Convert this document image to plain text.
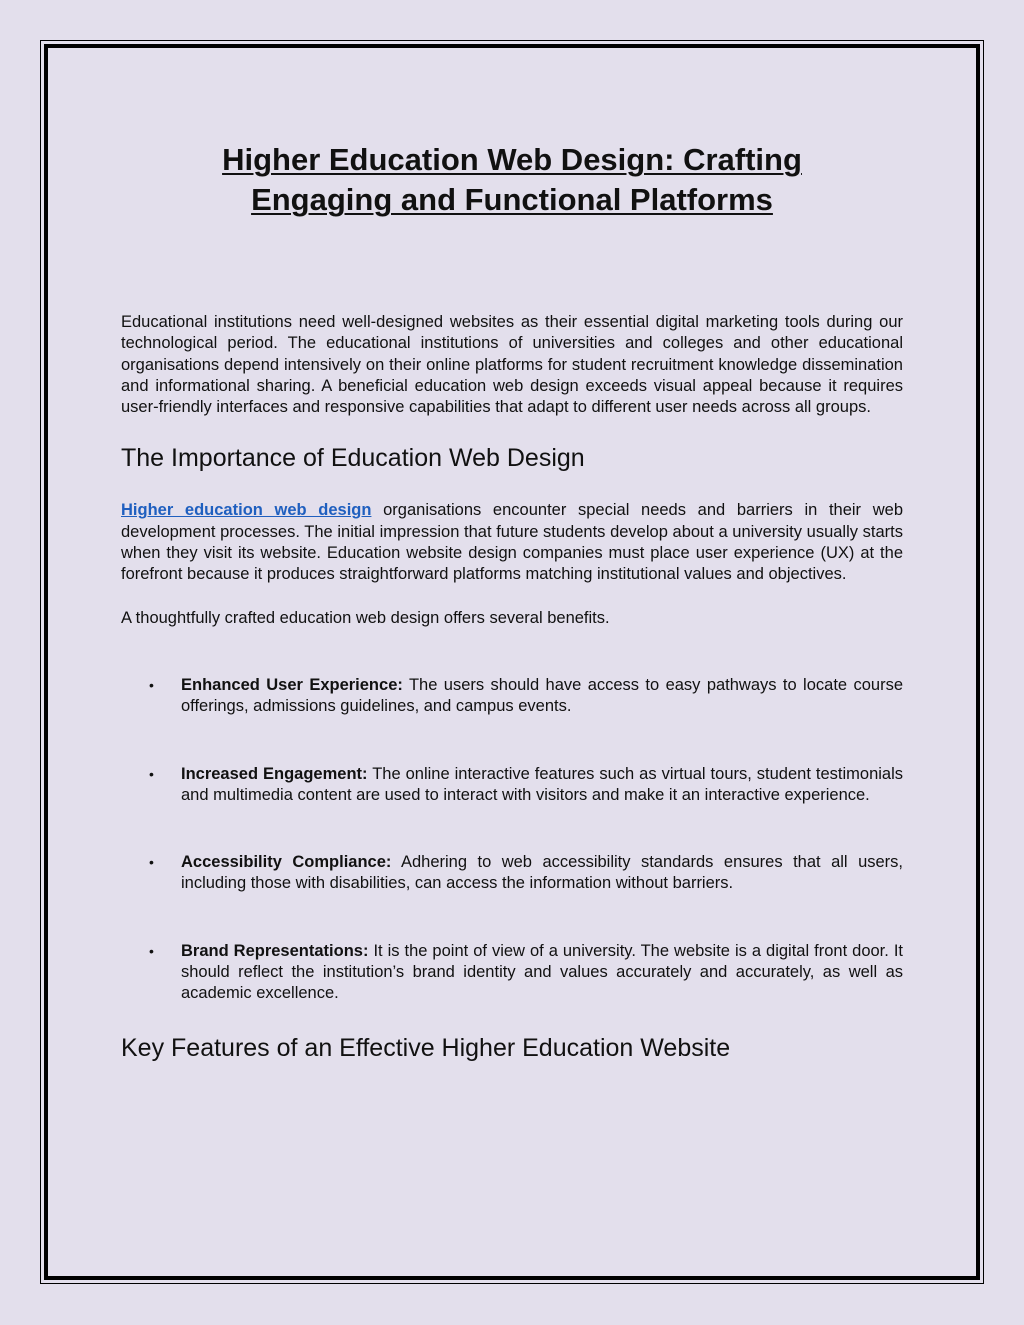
Higher Education Web Design: Crafting
Engaging and Functional Platforms

Educational institutions need well-designed websites as their essential digital marketing tools during our technological period. The educational institutions of universities and colleges and other educational organisations depend intensively on their online platforms for student recruitment knowledge dissemination and informational sharing. A beneficial education web design exceeds visual appeal because it requires user-friendly interfaces and responsive capabilities that adapt to different user needs across all groups.

The Importance of Education Web Design

Higher education web design organisations encounter special needs and barriers in their web development processes. The initial impression that future students develop about a university usually starts when they visit its website. Education website design companies must place user experience (UX) at the forefront because it produces straightforward platforms matching institutional values and objectives.

A thoughtfully crafted education web design offers several benefits.

• Enhanced User Experience: The users should have access to easy pathways to locate course offerings, admissions guidelines, and campus events.
• Increased Engagement: The online interactive features such as virtual tours, student testimonials and multimedia content are used to interact with visitors and make it an interactive experience.
• Accessibility Compliance: Adhering to web accessibility standards ensures that all users, including those with disabilities, can access the information without barriers.
• Brand Representations: It is the point of view of a university. The website is a digital front door. It should reflect the institution’s brand identity and values accurately and accurately, as well as academic excellence.
Key Features of an Effective Higher Education Website
